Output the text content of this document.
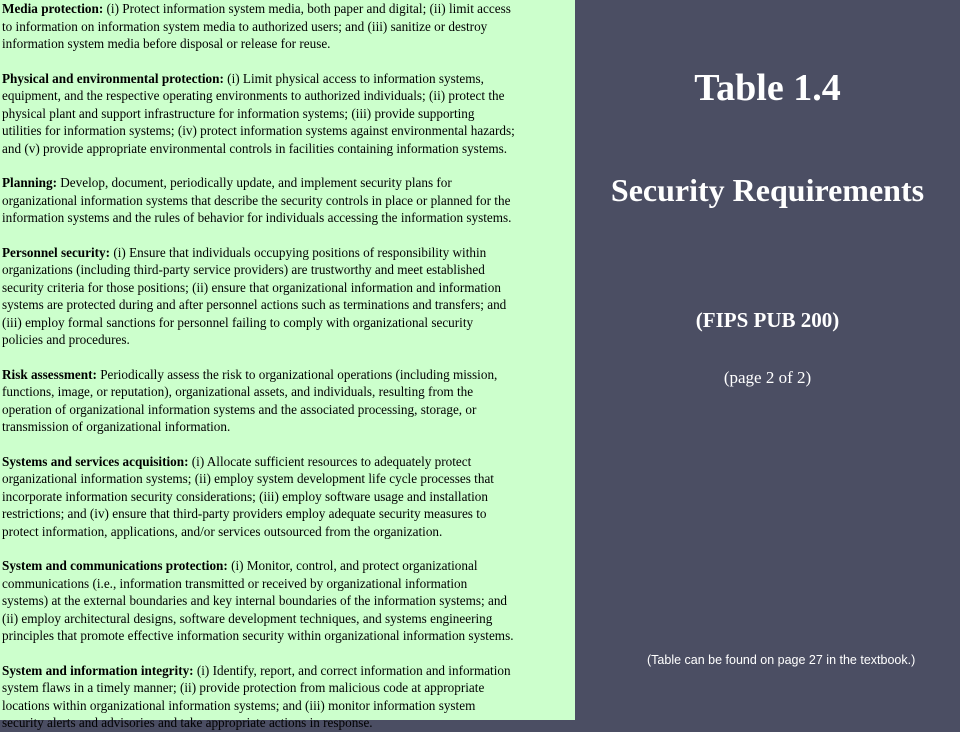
Media protection: (i) Protect information system media, both paper and digital; (ii) limit access
to information on information system media to authorized users; and (iii) sanitize or destroy
information system media before disposal or release for reuse.
Physical and environmental protection: (i) Limit physical access to information systems,
equipment, and the respective operating environments to authorized individuals; (ii) protect the
physical plant and support infrastructure for information systems; (iii) provide supporting
utilities for information systems; (iv) protect information systems against environmental hazards;
and (v) provide appropriate environmental controls in facilities containing information systems.
Planning: Develop, document, periodically update, and implement security plans for
organizational information systems that describe the security controls in place or planned for the
information systems and the rules of behavior for individuals accessing the information systems.
Personnel security: (i) Ensure that individuals occupying positions of responsibility within
organizations (including third-party service providers) are trustworthy and meet established
security criteria for those positions; (ii) ensure that organizational information and information
systems are protected during and after personnel actions such as terminations and transfers; and
(iii) employ formal sanctions for personnel failing to comply with organizational security
policies and procedures.
Risk assessment: Periodically assess the risk to organizational operations (including mission,
functions, image, or reputation), organizational assets, and individuals, resulting from the
operation of organizational information systems and the associated processing, storage, or
transmission of organizational information.
Systems and services acquisition: (i) Allocate sufficient resources to adequately protect
organizational information systems; (ii) employ system development life cycle processes that
incorporate information security considerations; (iii) employ software usage and installation
restrictions; and (iv) ensure that third-party providers employ adequate security measures to
protect information, applications, and/or services outsourced from the organization.
System and communications protection: (i) Monitor, control, and protect organizational
communications (i.e., information transmitted or received by organizational information
systems) at the external boundaries and key internal boundaries of the information systems; and
(ii) employ architectural designs, software development techniques, and systems engineering
principles that promote effective information security within organizational information systems.
System and information integrity: (i) Identify, report, and correct information and information
system flaws in a timely manner; (ii) provide protection from malicious code at appropriate
locations within organizational information systems; and (iii) monitor information system
security alerts and advisories and take appropriate actions in response.
Table 1.4
Security Requirements
(FIPS PUB 200)
(page 2 of 2)
(Table can be found on page 27 in the textbook.)
